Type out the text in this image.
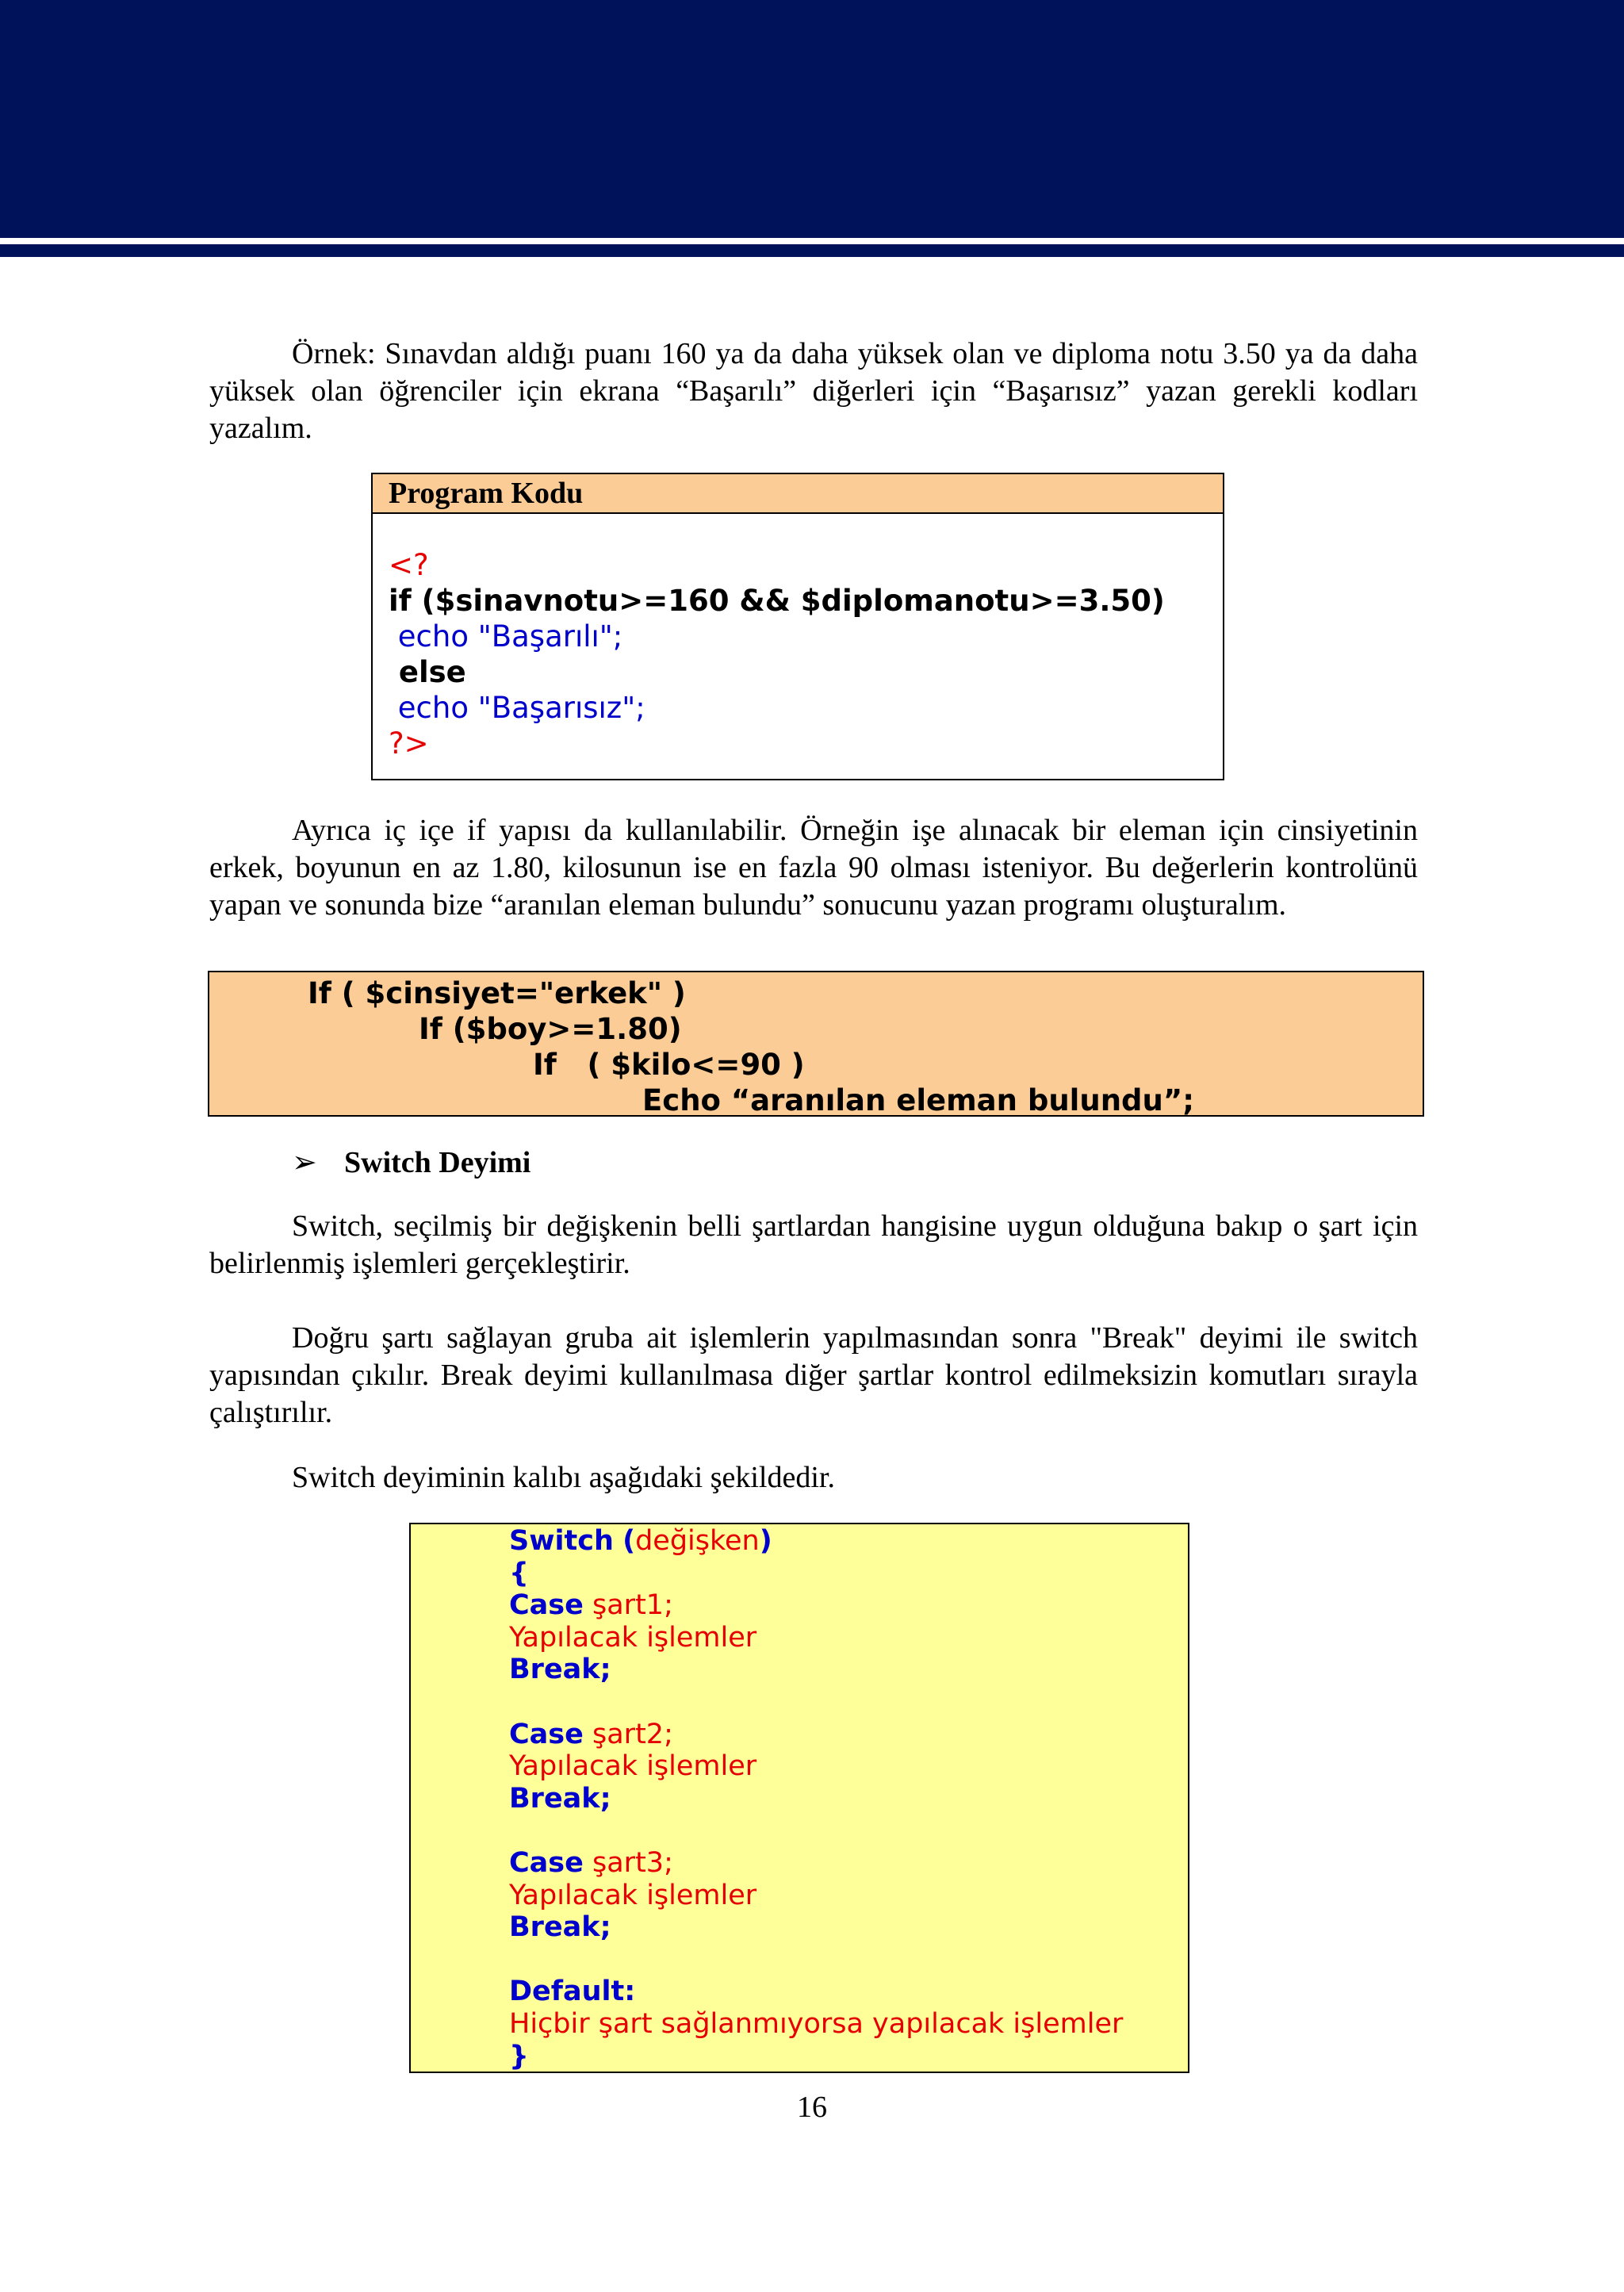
Örnek: Sınavdan aldığı puanı 160 ya da daha yüksek olan ve diploma notu 3.50 ya da daha yüksek olan öğrenciler için ekrana “Başarılı” diğerleri için “Başarısız” yazan gerekli kodları yazalım.

Program Kodu
<?
if ($sinavnotu>=160 && $diplomanotu>=3.50)
echo "Başarılı";
else
echo "Başarısız";
?>

Ayrıca iç içe if yapısı da kullanılabilir. Örneğin işe alınacak bir eleman için cinsiyetinin erkek, boyunun en az 1.80, kilosunun ise en fazla 90 olması isteniyor. Bu değerlerin kontrolünü yapan ve sonunda bize “aranılan eleman bulundu” sonucunu yazan programı oluşturalım.

If ( $cinsiyet="erkek" )
If ($boy>=1.80)
If   ( $kilo<=90 )
Echo “aranılan eleman bulundu”;
➢ Switch Deyimi

Switch, seçilmiş bir değişkenin belli şartlardan hangisine uygun olduğuna bakıp o şart için belirlenmiş işlemleri gerçekleştirir.

Doğru şartı sağlayan gruba ait işlemlerin yapılmasından sonra "Break" deyimi ile switch yapısından çıkılır. Break deyimi kullanılmasa diğer şartlar kontrol edilmeksizin komutları sırayla çalıştırılır.

Switch deyiminin kalıbı aşağıdaki şekildedir.

Switch (değişken)
{
Case şart1;
Yapılacak işlemler
Break;
Case şart2;
Yapılacak işlemler
Break;
Case şart3;
Yapılacak işlemler
Break;
Default:
Hiçbir şart sağlanmıyorsa yapılacak işlemler
}
16
